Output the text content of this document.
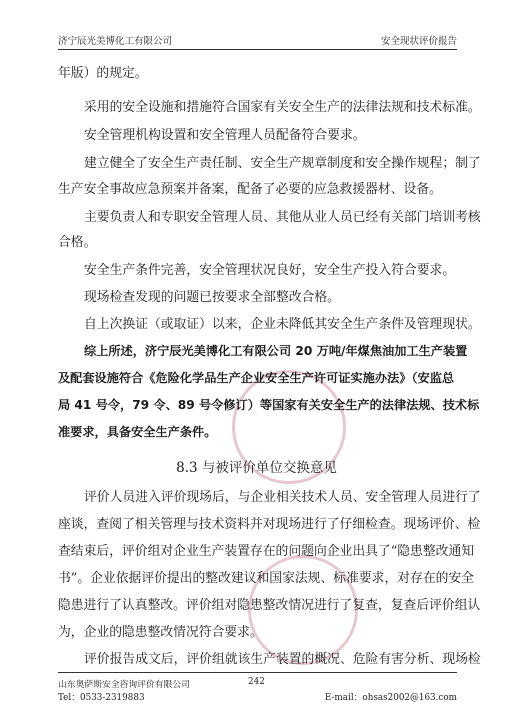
济宁辰光美博化工有限公司	安全现状评价报告
年版）的规定。
采用的安全设施和措施符合国家有关安全生产的法律法规和技术标准。
安全管理机构设置和安全管理人员配备符合要求。
建立健全了安全生产责任制、安全生产规章制度和安全操作规程；制了
生产安全事故应急预案并备案，配备了必要的应急救援器材、设备。
主要负责人和专职安全管理人员、其他从业人员已经有关部门培训考核
合格。
安全生产条件完善，安全管理状况良好，安全生产投入符合要求。
现场检查发现的问题已按要求全部整改合格。
自上次换证（或取证）以来，企业未降低其安全生产条件及管理现状。
综上所述，济宁辰光美博化工有限公司 20 万吨/年煤焦油加工生产装置
及配套设施符合《危险化学品生产企业安全生产许可证实施办法》（安监总
局 41 号令，79 令、89 号令修订）等国家有关安全生产的法律法规、技术标
准要求，具备安全生产条件。
8.3 与被评价单位交换意见
评价人员进入评价现场后，与企业相关技术人员、安全管理人员进行了
座谈，查阅了相关管理与技术资料并对现场进行了仔细检查。现场评价、检
查结束后，评价组对企业生产装置存在的问题向企业出具了“隐患整改通知
书”。企业依据评价提出的整改建议和国家法规、标准要求，对存在的安全
隐患进行了认真整改。评价组对隐患整改情况进行了复查，复查后评价组认
为，企业的隐患整改情况符合要求。
评价报告成文后，评价组就该生产装置的概况、危险有害分析、现场检
山东奥萨斯安全咨询评价有限公司	242
Tel：0533-2319883	E-mail：ohsas2002@163.com
